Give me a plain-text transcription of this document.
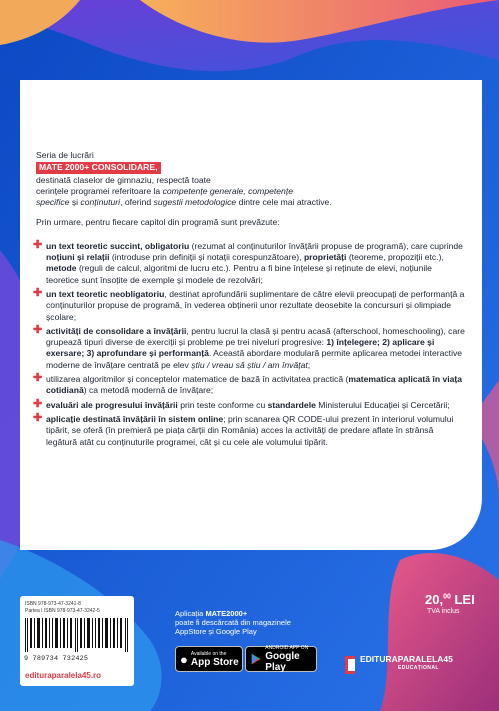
Seria de lucrări

MATE 2000+ CONSOLIDARE,

destinată claselor de gimnaziu, respectă toate

cerințele programei referitoare la competențe generale, competențe

specifice și conținuturi, oferind sugestii metodologice dintre cele mai atractive.

Prin urmare, pentru fiecare capitol din programă sunt prevăzute:

✚ un text teoretic succint, obligatoriu (rezumat al conținuturilor învățării propuse de programă), care cuprinde noțiuni și relații (introduse prin definiții și notații corespunzătoare), proprietăți (teoreme, propoziții etc.), metode (reguli de calcul, algoritmi de lucru etc.). Pentru a fi bine înțelese și reținute de elevi, noțiunile teoretice sunt însoțite de exemple și modele de rezolvări;
✚ un text teoretic neobligatoriu, destinat aprofundării suplimentare de către elevii preocupați de performanță a conținuturilor propuse de programă, în vederea obținerii unor rezultate deosebite la concursuri și olimpiade școlare;
✚ activități de consolidare a învățării, pentru lucrul la clasă și pentru acasă (afterschool, homeschooling), care grupează tipuri diverse de exerciții și probleme pe trei niveluri progresive: 1) înțelegere; 2) aplicare și exersare; 3) aprofundare și performanță. Această abordare modulară permite aplicarea metodei interactive moderne de învățare centrată pe elev știu / vreau să știu / am învățat;
✚ utilizarea algoritmilor și conceptelor matematice de bază în activitatea practică (matematica aplicată în viața cotidiană) ca metodă modernă de învățare;
✚ evaluări ale progresului învățării prin teste conforme cu standardele Ministerului Educației și Cercetării;
✚ aplicație destinată învățării în sistem online; prin scanarea QR CODE-ului prezent în interiorul volumului tipărit, se oferă (în premieră pe piața cărții din România) acces la activități de predare aflate în strânsă legătură atât cu conținuturile programei, cât și cu cele ale volumului tipărit.
20,00 LEI
TVA inclus
ISBN 978-973-47-3241-8
Partea I ISBN 978-973-47-3242-5
9 789734 732425
edituraparalela45.ro
Aplicația MATE2000+
poate fi descărcată din magazinele
AppStore și Google Play
● Available on the
App Store
ANDROID APP ON
Google Play
EDITURAPARALELA45
EDUCAȚIONAL
